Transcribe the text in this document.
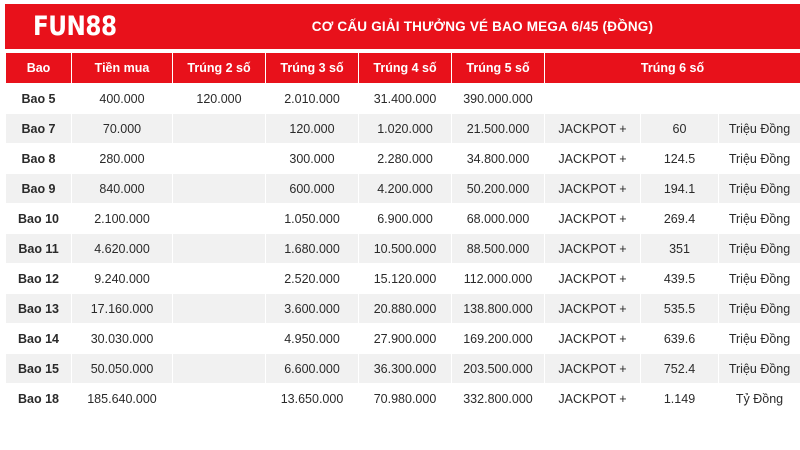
FUN88	CƠ CẤU GIẢI THƯỞNG VÉ BAO MEGA 6/45 (ĐỒNG)
Bao	Tiền mua	Trúng 2 số	Trúng 3 số	Trúng 4 số	Trúng 5 số	Trúng 6 số		
Bao 5	400.000	120.000	2.010.000	31.400.000	390.000.000			
Bao 7	70.000		120.000	1.020.000	21.500.000	JACKPOT +	60	Triệu Đồng
Bao 8	280.000		300.000	2.280.000	34.800.000	JACKPOT +	124.5	Triệu Đồng
Bao 9	840.000		600.000	4.200.000	50.200.000	JACKPOT +	194.1	Triệu Đồng
Bao 10	2.100.000		1.050.000	6.900.000	68.000.000	JACKPOT +	269.4	Triệu Đồng
Bao 11	4.620.000		1.680.000	10.500.000	88.500.000	JACKPOT +	351	Triệu Đồng
Bao 12	9.240.000		2.520.000	15.120.000	112.000.000	JACKPOT +	439.5	Triệu Đồng
Bao 13	17.160.000		3.600.000	20.880.000	138.800.000	JACKPOT +	535.5	Triệu Đồng
Bao 14	30.030.000		4.950.000	27.900.000	169.200.000	JACKPOT +	639.6	Triệu Đồng
Bao 15	50.050.000		6.600.000	36.300.000	203.500.000	JACKPOT +	752.4	Triệu Đồng
Bao 18	185.640.000		13.650.000	70.980.000	332.800.000	JACKPOT +	1.149	Tỷ Đồng
